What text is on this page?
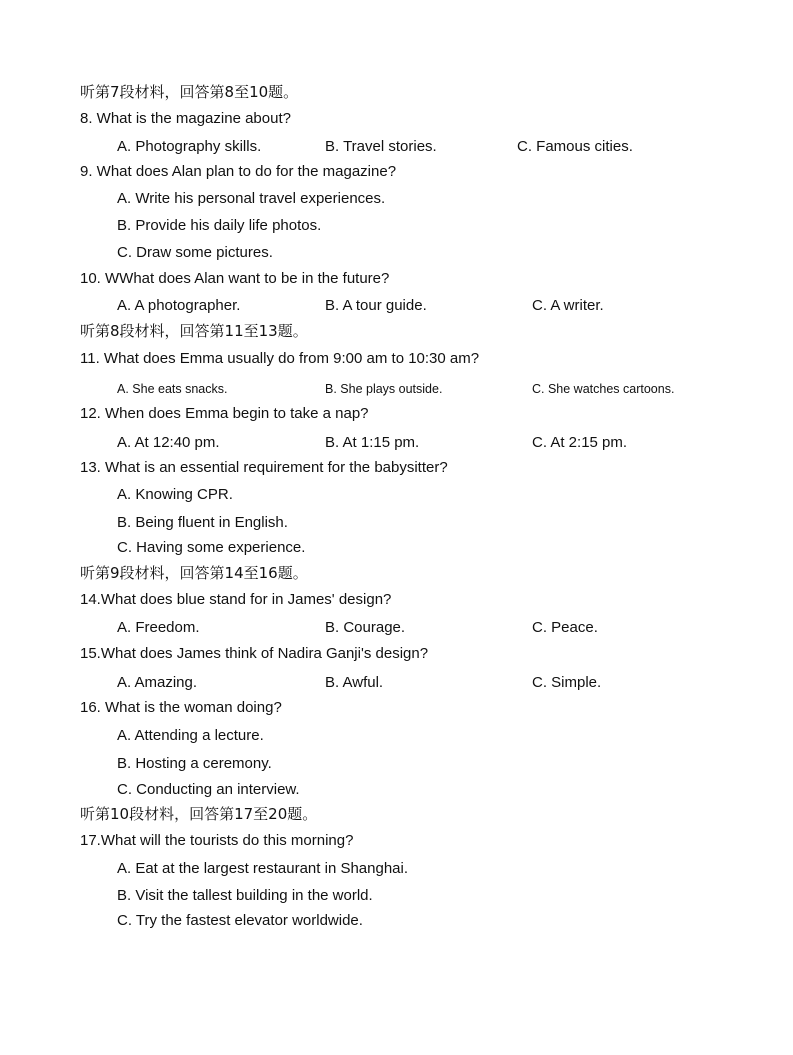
听第7段材料，回答第8至10题。
8. What is the magazine about?
A. Photography skills.	B. Travel stories.	C. Famous cities.
9. What does Alan plan to do for the magazine?
A. Write his personal travel experiences.
B. Provide his daily life photos.
C. Draw some pictures.
10. WWhat does Alan want to be in the future?
A. A photographer.	B. A tour guide.	C. A writer.
听第8段材料，回答第11至13题。
11. What does Emma usually do from 9:00 am to 10:30 am?
A. She eats snacks.	B. She plays outside.	C. She watches cartoons.
12. When does Emma begin to take a nap?
A. At 12:40 pm.	B. At 1:15 pm.	C. At 2:15 pm.
13. What is an essential requirement for the babysitter?
A. Knowing CPR.
B. Being fluent in English.
C. Having some experience.
听第9段材料，回答第14至16题。
14.What does blue stand for in James' design?
A. Freedom.	B. Courage.	C. Peace.
15.What does James think of Nadira Ganji's design?
A. Amazing.	B. Awful.	C. Simple.
16. What is the woman doing?
A. Attending a lecture.
B. Hosting a ceremony.
C. Conducting an interview.
听第10段材料，回答第17至20题。
17.What will the tourists do this morning?
A. Eat at the largest restaurant in Shanghai.
B. Visit the tallest building in the world.
C. Try the fastest elevator worldwide.
